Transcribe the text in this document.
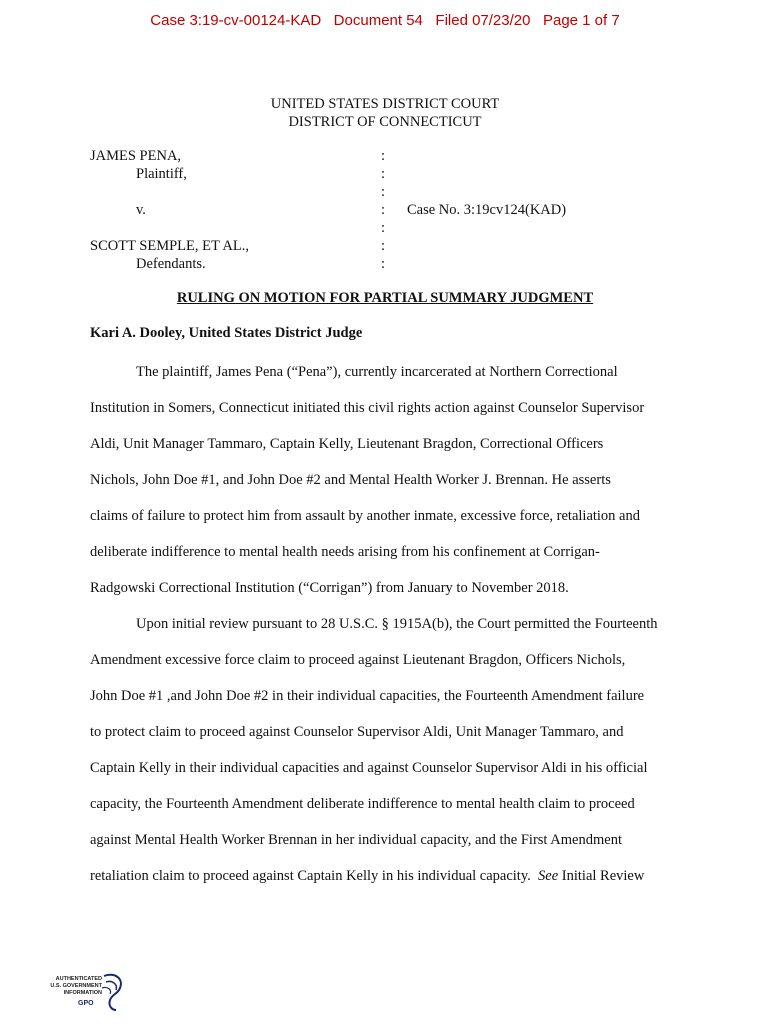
Case 3:19-cv-00124-KAD   Document 54   Filed 07/23/20   Page 1 of 7
UNITED STATES DISTRICT COURT
DISTRICT OF CONNECTICUT
JAMES PENA,
Plaintiff,

v.

SCOTT SEMPLE, ET AL.,
Defendants.
:
:
:
:
:
:
:
Case No. 3:19cv124(KAD)
RULING ON MOTION FOR PARTIAL SUMMARY JUDGMENT
Kari A. Dooley, United States District Judge
The plaintiff, James Pena (“Pena”), currently incarcerated at Northern Correctional
Institution in Somers, Connecticut initiated this civil rights action against Counselor Supervisor
Aldi, Unit Manager Tammaro, Captain Kelly, Lieutenant Bragdon, Correctional Officers
Nichols, John Doe #1, and John Doe #2 and Mental Health Worker J. Brennan. He asserts
claims of failure to protect him from assault by another inmate, excessive force, retaliation and
deliberate indifference to mental health needs arising from his confinement at Corrigan-
Radgowski Correctional Institution (“Corrigan”) from January to November 2018.
Upon initial review pursuant to 28 U.S.C. § 1915A(b), the Court permitted the Fourteenth
Amendment excessive force claim to proceed against Lieutenant Bragdon, Officers Nichols,
John Doe #1 ,and John Doe #2 in their individual capacities, the Fourteenth Amendment failure
to protect claim to proceed against Counselor Supervisor Aldi, Unit Manager Tammaro, and
Captain Kelly in their individual capacities and against Counselor Supervisor Aldi in his official
capacity, the Fourteenth Amendment deliberate indifference to mental health claim to proceed
against Mental Health Worker Brennan in her individual capacity, and the First Amendment
retaliation claim to proceed against Captain Kelly in his individual capacity. See Initial Review
AUTHENTICATED
U.S. GOVERNMENT
INFORMATION
GPO
